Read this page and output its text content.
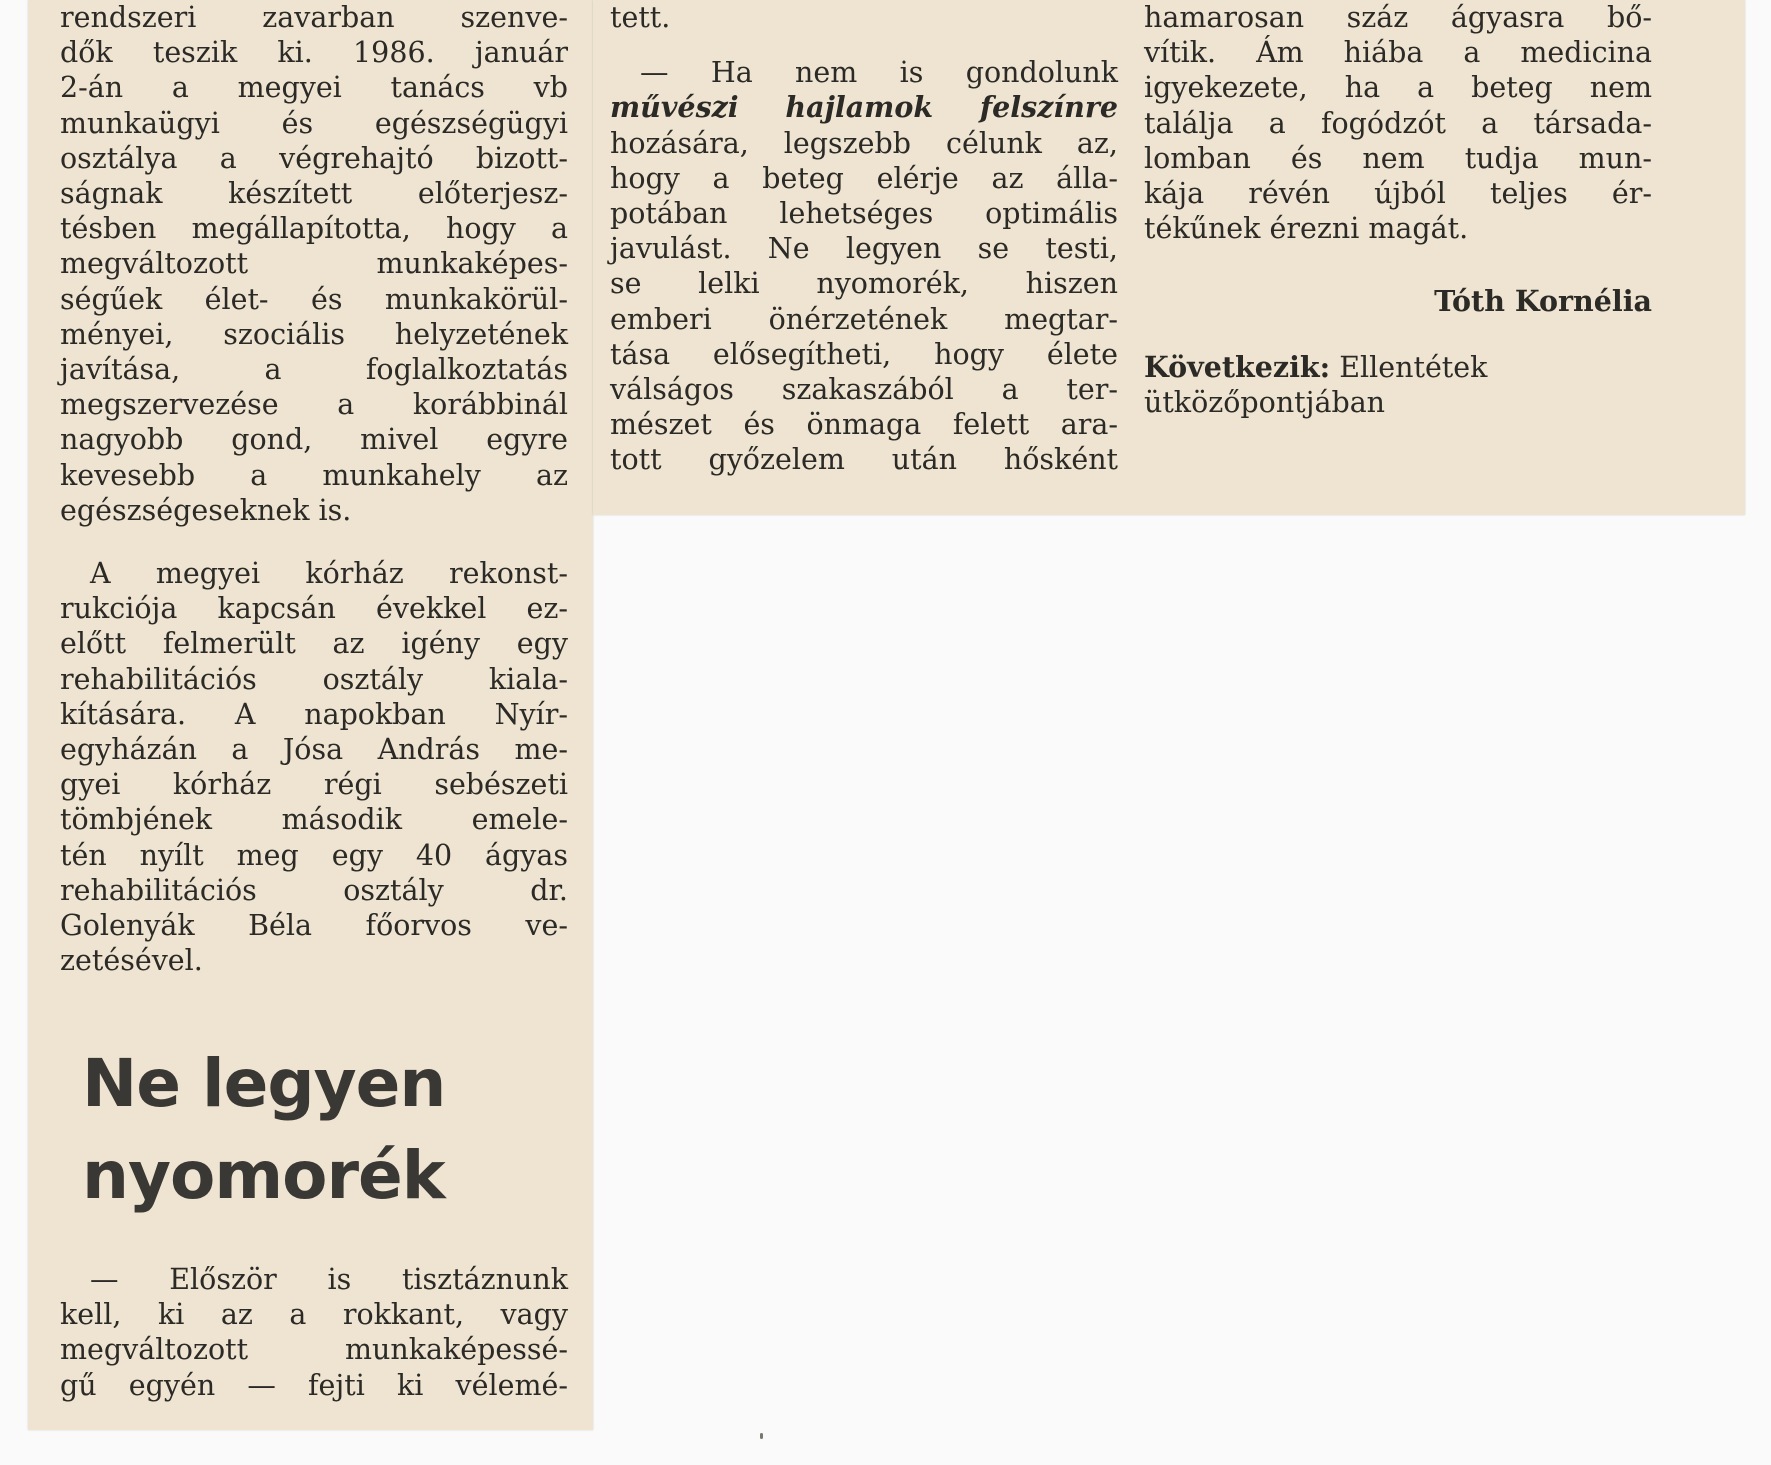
rendszeri zavarban szenve-
dők teszik ki. 1986. január
2-án a megyei tanács vb
munkaügyi és egészségügyi
osztálya a végrehajtó bizott-
ságnak készített előterjesz-
tésben megállapította, hogy a
megváltozott munkaképes-
ségűek élet- és munkakörül-
ményei, szociális helyzetének
javítása, a foglalkoztatás
megszervezése a korábbinál
nagyobb gond, mivel egyre
kevesebb a munkahely az
egészségeseknek is.

A megyei kórház rekonst-
rukciója kapcsán évekkel ez-
előtt felmerült az igény egy
rehabilitációs osztály kiala-
kítására. A napokban Nyír-
egyházán a Jósa András me-
gyei kórház régi sebészeti
tömbjének második emele-
tén nyílt meg egy 40 ágyas
rehabilitációs osztály dr.
Golenyák Béla főorvos ve-
zetésével.

Ne legyen
nyomorék

— Először is tisztáznunk
kell, ki az a rokkant, vagy
megváltozott munkaképessé-
gű egyén — fejti ki vélemé-

tett.

— Ha nem is gondolunk
művészi hajlamok felszínre
hozására, legszebb célunk az,
hogy a beteg elérje az álla-
potában lehetséges optimális
javulást. Ne legyen se testi,
se lelki nyomorék, hiszen
emberi önérzetének megtar-
tása elősegítheti, hogy élete
válságos szakaszából a ter-
mészet és önmaga felett ara-
tott győzelem után hősként

hamarosan száz ágyasra bő-
vítik. Ám hiába a medicina
igyekezete, ha a beteg nem
találja a fogódzót a társada-
lomban és nem tudja mun-
kája révén újból teljes ér-
tékűnek érezni magát.

Tóth Kornélia

Következik: Ellentétek ütközőpontjában
